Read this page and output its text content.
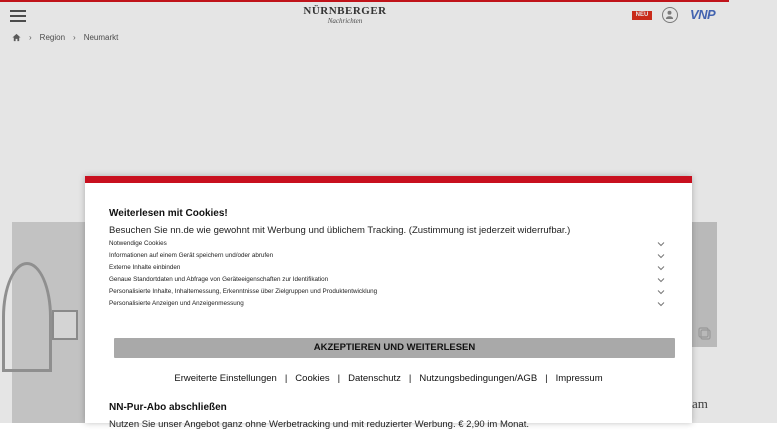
NÜRNBERGER
Nachrichten
NEU	VNP
› Region › Neumarkt
am
Weiterlesen mit Cookies!
Besuchen Sie nn.de wie gewohnt mit Werbung und üblichem Tracking. (Zustimmung ist jederzeit widerrufbar.)
Notwendige Cookies
Informationen auf einem Gerät speichern und/oder abrufen
Externe Inhalte einbinden
Genaue Standortdaten und Abfrage von Geräteeigenschaften zur Identifikation
Personalisierte Inhalte, Inhaltemessung, Erkenntnisse über Zielgruppen und Produktentwicklung
Personalisierte Anzeigen und Anzeigenmessung
AKZEPTIEREN UND WEITERLESEN
Erweiterte Einstellungen | Cookies | Datenschutz | Nutzungsbedingungen/AGB | Impressum
NN-Pur-Abo abschließen
Nutzen Sie unser Angebot ganz ohne Werbetracking und mit reduzierter Werbung. € 2,90 im Monat.
